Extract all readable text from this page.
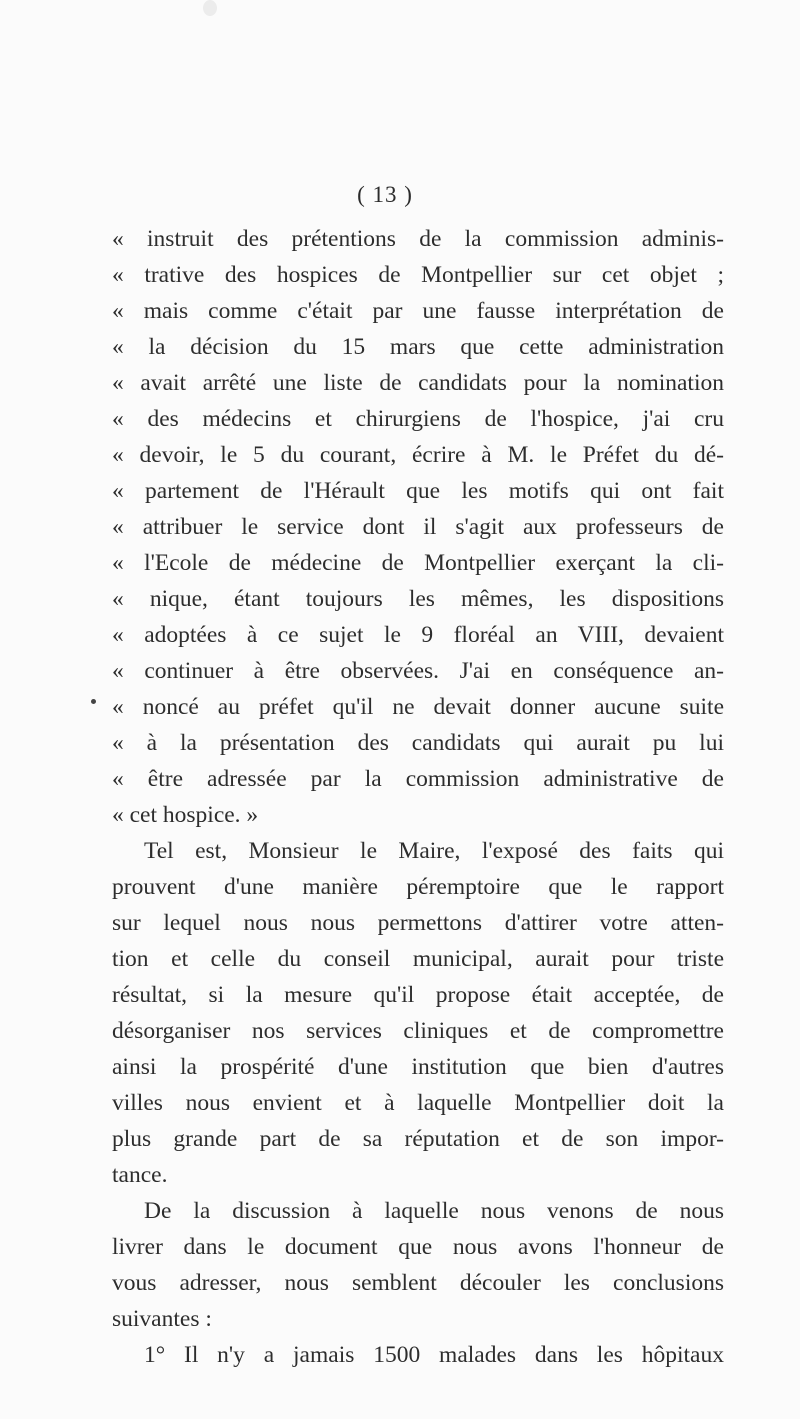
( 13 )
« instruit des prétentions de la commission adminis-
« trative des hospices de Montpellier sur cet objet ;
« mais comme c'était par une fausse interprétation de
« la décision du 15 mars que cette administration
« avait arrêté une liste de candidats pour la nomination
« des médecins et chirurgiens de l'hospice, j'ai cru
« devoir, le 5 du courant, écrire à M. le Préfet du dé-
« partement de l'Hérault que les motifs qui ont fait
« attribuer le service dont il s'agit aux professeurs de
« l'Ecole de médecine de Montpellier exerçant la cli-
« nique, étant toujours les mêmes, les dispositions
« adoptées à ce sujet le 9 floréal an VIII, devaient
« continuer à être observées. J'ai en conséquence an-
« noncé au préfet qu'il ne devait donner aucune suite
« à la présentation des candidats qui aurait pu lui
« être adressée par la commission administrative de
« cet hospice. »
Tel est, Monsieur le Maire, l'exposé des faits qui
prouvent d'une manière péremptoire que le rapport
sur lequel nous nous permettons d'attirer votre atten-
tion et celle du conseil municipal, aurait pour triste
résultat, si la mesure qu'il propose était acceptée, de
désorganiser nos services cliniques et de compromettre
ainsi la prospérité d'une institution que bien d'autres
villes nous envient et à laquelle Montpellier doit la
plus grande part de sa réputation et de son impor-
tance.
De la discussion à laquelle nous venons de nous
livrer dans le document que nous avons l'honneur de
vous adresser, nous semblent découler les conclusions
suivantes :
1° Il n'y a jamais 1500 malades dans les hôpitaux
